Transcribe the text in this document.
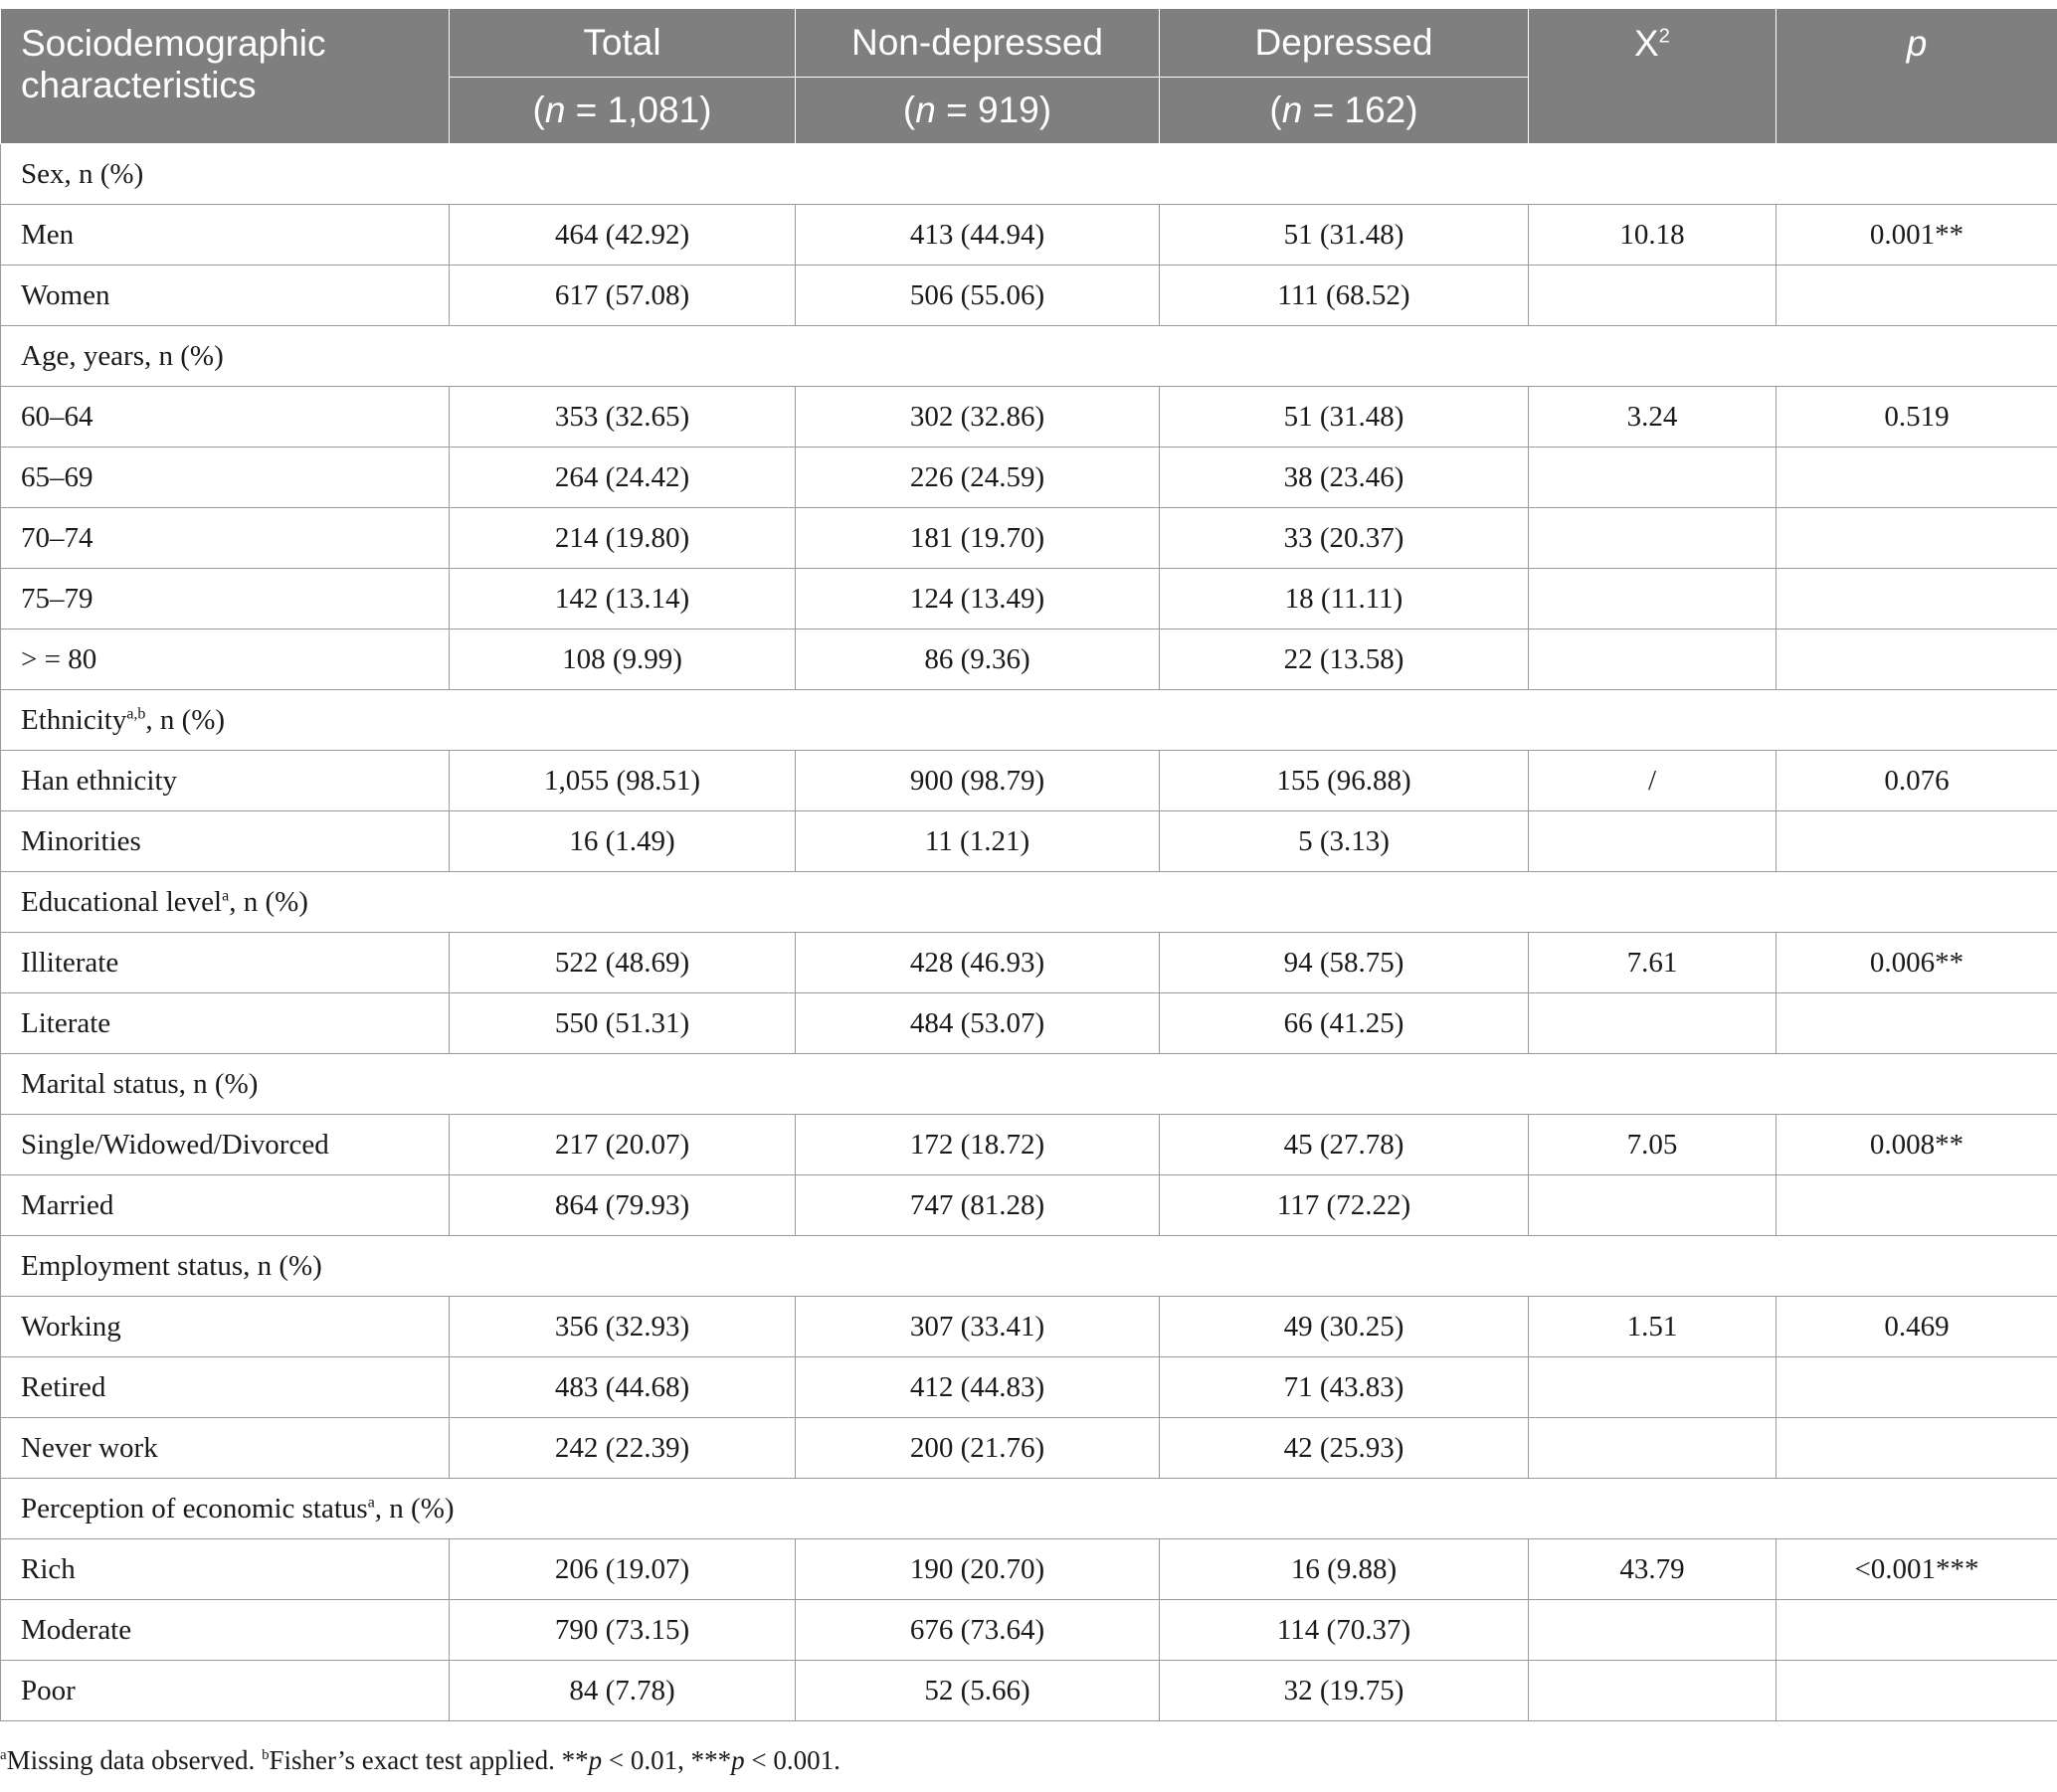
Sociodemographic characteristics	Total	Non-depressed	Depressed	$X^2$	p
	(n = 1,081)	(n = 919)	(n = 162)		
Sex, n (%)					
Men	464 (42.92)	413 (44.94)	51 (31.48)	10.18	0.001**
Women	617 (57.08)	506 (55.06)	111 (68.52)		
Age, years, n (%)					
60–64	353 (32.65)	302 (32.86)	51 (31.48)	3.24	0.519
65–69	264 (24.42)	226 (24.59)	38 (23.46)		
70–74	214 (19.80)	181 (19.70)	33 (20.37)		
75–79	142 (13.14)	124 (13.49)	18 (11.11)		
> = 80	108 (9.99)	86 (9.36)	22 (13.58)		
Ethnicity$^{a,b}$, n (%)					
Han ethnicity	1,055 (98.51)	900 (98.79)	155 (96.88)	/	0.076
Minorities	16 (1.49)	11 (1.21)	5 (3.13)		
Educational level$^a$, n (%)					
Illiterate	522 (48.69)	428 (46.93)	94 (58.75)	7.61	0.006**
Literate	550 (51.31)	484 (53.07)	66 (41.25)		
Marital status, n (%)					
Single/Widowed/Divorced	217 (20.07)	172 (18.72)	45 (27.78)	7.05	0.008**
Married	864 (79.93)	747 (81.28)	117 (72.22)		
Employment status, n (%)					
Working	356 (32.93)	307 (33.41)	49 (30.25)	1.51	0.469
Retired	483 (44.68)	412 (44.83)	71 (43.83)		
Never work	242 (22.39)	200 (21.76)	42 (25.93)		
Perception of economic status$^a$, n (%)					
Rich	206 (19.07)	190 (20.70)	16 (9.88)	43.79	<0.001***
Moderate	790 (73.15)	676 (73.64)	114 (70.37)		
Poor	84 (7.78)	52 (5.66)	32 (19.75)		
$^a$Missing data observed. $^b$Fisher’s exact test applied. **p < 0.01, ***p < 0.001.
